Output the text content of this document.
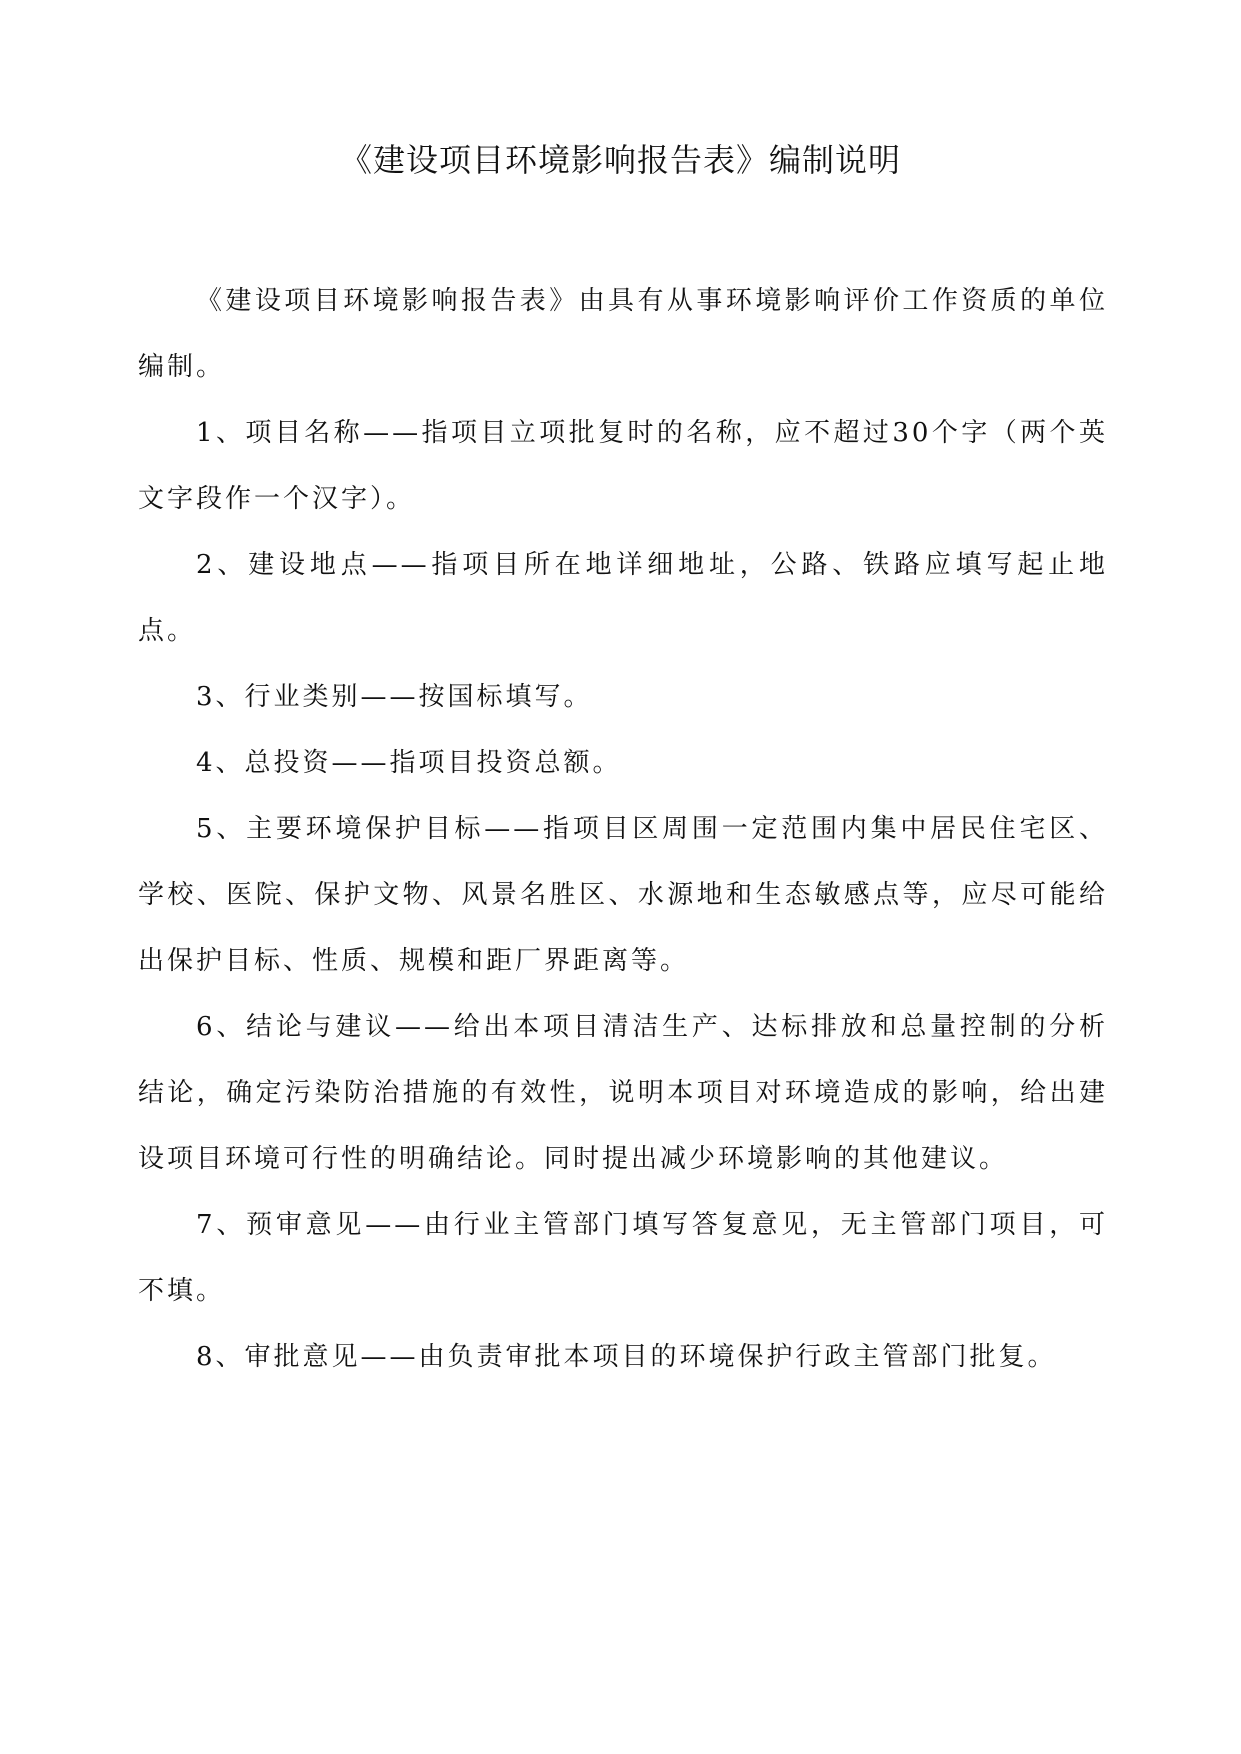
《建设项目环境影响报告表》编制说明

《建设项目环境影响报告表》由具有从事环境影响评价工作资质的单位编制。

1、项目名称——指项目立项批复时的名称，应不超过30个字（两个英文字段作一个汉字）。

2、建设地点——指项目所在地详细地址，公路、铁路应填写起止地点。

3、行业类别——按国标填写。

4、总投资——指项目投资总额。

5、主要环境保护目标——指项目区周围一定范围内集中居民住宅区、学校、医院、保护文物、风景名胜区、水源地和生态敏感点等，应尽可能给出保护目标、性质、规模和距厂界距离等。

6、结论与建议——给出本项目清洁生产、达标排放和总量控制的分析结论，确定污染防治措施的有效性，说明本项目对环境造成的影响，给出建设项目环境可行性的明确结论。同时提出减少环境影响的其他建议。

7、预审意见——由行业主管部门填写答复意见，无主管部门项目，可不填。

8、审批意见——由负责审批本项目的环境保护行政主管部门批复。
